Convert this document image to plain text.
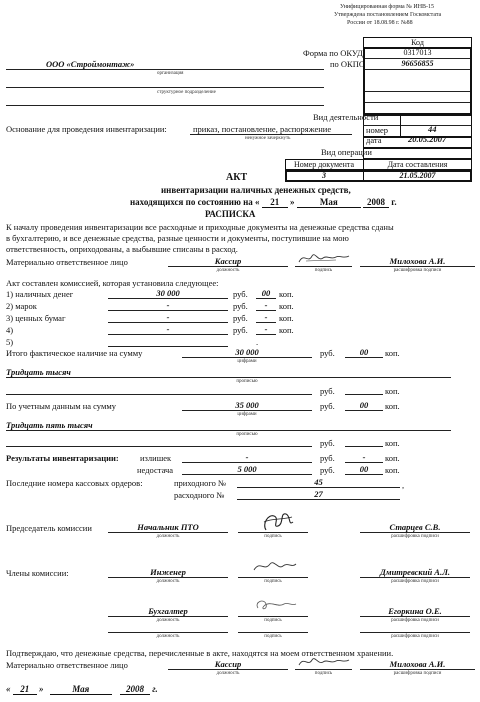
Унифицированная форма № ИНВ-15
Утверждена постановлением Госкомстата
России от 18.08.98 г. №88
Код
0317013
96656855
Форма по ОКУД
по ОКПО
ООО «Строймонтаж»
организация
структурное подразделение
Вид деятельности
Основание для проведения инвентаризации:	приказ, постановление, распоряжение
ненужное зачеркнуть
номер	44
дата	20.05.2007
Вид операции
Номер документа	Дата составления
3	21.05.2007
АКТ
инвентаризации наличных денежных средств,
находящихся по состоянию на « 21 »	Мая	2008 г.
РАСПИСКА
К началу проведения инвентаризации все расходные и приходные документы на денежные средства сданы
в бухгалтерию, и все денежные средства, разные ценности и документы, поступившие на мою
ответственность, оприходованы, а выбывшие списаны в расход.
Материально ответственное лицо	Кассир	Милохова А.И.
должность	подпись	расшифровка подписи
Акт составлен комиссией, которая установила следующее:
1) наличных денег	30 000	руб.	00	коп.
2) марок	-	руб.	-	коп.
3) ценных бумаг	-	руб.	-	коп.
4)	-	руб.	-	коп.
5)	.
Итого фактическое наличие на сумму	30 000	руб.	00	коп.
цифрами
Тридцать тысяч
прописью
руб.	коп.
По учетным данным на сумму	35 000	руб.	00	коп.
цифрами
Тридцать пять тысяч
прописью
руб.	коп.
Результаты инвентаризации:	излишек	-	руб.	-	коп.
недостача	5 000	руб.	00	коп.
Последние номера кассовых ордеров:	приходного №	45	,
расходного №	27
Председатель комиссии	Начальник ПТО	Старцев С.В.
должность	подпись	расшифровка подписи
Члены комиссии:	Инженер	Дмитревский А.Л.
должность	подпись	расшифровка подписи
Бухгалтер	Егоркина О.Е.
должность	подпись	расшифровка подписи
должность	подпись	расшифровка подписи
Подтверждаю, что денежные средства, перечисленные в акте, находятся на моем ответственном хранении.
Материально ответственное лицо	Кассир	Милохова А.И.
должность	подпись	расшифровка подписи
« 21 »	Мая	2008 г.
